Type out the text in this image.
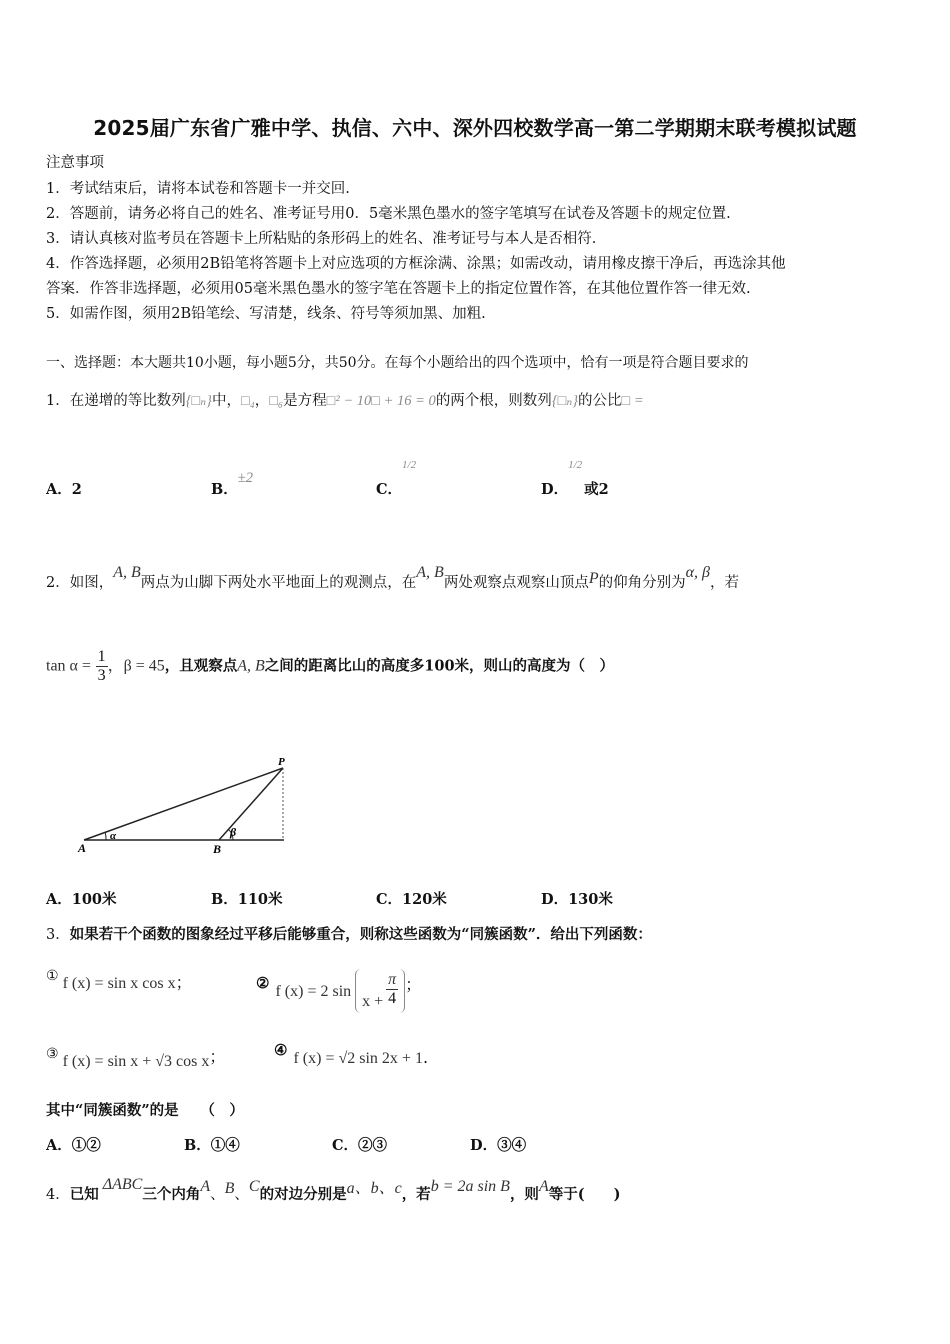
2025届广东省广雅中学、执信、六中、深外四校数学高一第二学期期末联考模拟试题
注意事项
1．考试结束后，请将本试卷和答题卡一并交回.
2．答题前，请务必将自己的姓名、准考证号用0．5毫米黑色墨水的签字笔填写在试卷及答题卡的规定位置.
3．请认真核对监考员在答题卡上所粘贴的条形码上的姓名、准考证号与本人是否相符.
4．作答选择题，必须用2B铅笔将答题卡上对应选项的方框涂满、涂黑；如需改动，请用橡皮擦干净后，再选涂其他
答案．作答非选择题，必须用05毫米黑色墨水的签字笔在答题卡上的指定位置作答，在其他位置作答一律无效.
5．如需作图，须用2B铅笔绘、写清楚，线条、符号等须加黑、加粗.
一、选择题：本大题共10小题，每小题5分，共50分。在每个小题给出的四个选项中，恰有一项是符合题目要求的
1．在递增的等比数列{□ₙ}中，□₄，□₆是方程□² − 10□ + 16 = 0的两个根，则数列{□ₙ}的公比□ =
A．2	B．±2
C．$^{1/2}$
D．$^{1/2}$或2
2．如图，A, B两点为山脚下两处水平地面上的观测点，在A, B两处观察点观察山顶点P的仰角分别为α, β，若
$\tan \alpha = \frac{1}{3}$ ，β = 45，且观察点A, B之间的距离比山的高度多100米，则山的高度为（　）
P
A	B
α	β
A．100米	B．110米	C．120米	D．130米
3．如果若干个函数的图象经过平移后能够重合，则称这些函数为“同簇函数”．给出下列函数：
① f (x) = sin x cos x；	② f (x) = 2 $\sin x + \frac{\pi}{4}$ ；
③ f (x) = sin x + √3 cos x；	④ f (x) = √2 sin 2x + 1.
其中“同簇函数”的是　　（　）
A．①②	B．①④	C．②③	D．③④
4．已知ΔABC三个内角A、B、C的对边分别是a、b、c，若b = 2a sin B，则A等于(　　)
